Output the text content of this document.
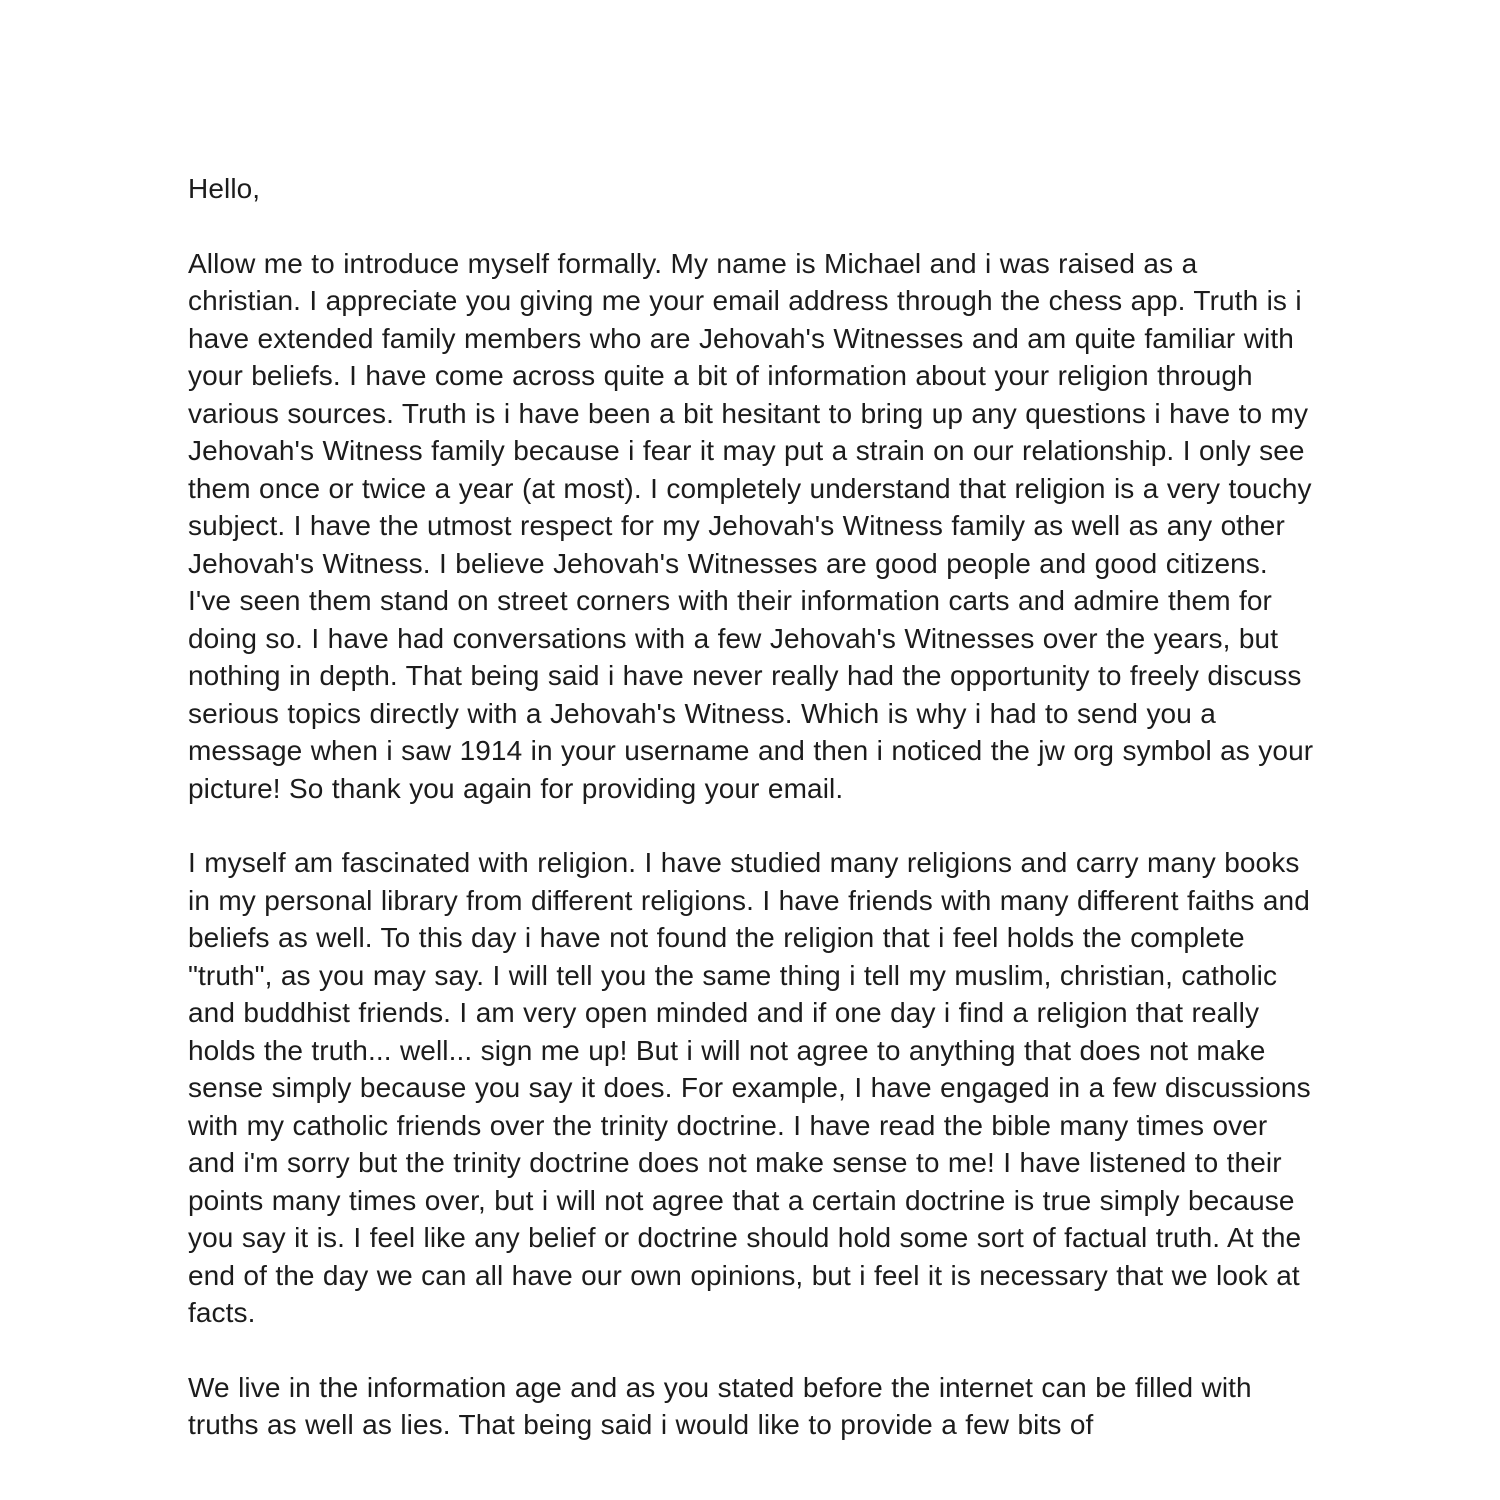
Hello,

Allow me to introduce myself formally. My name is Michael and i was raised as a christian. I appreciate you giving me your email address through the chess app. Truth is i have extended family members who are Jehovah's Witnesses and am quite familiar with your beliefs. I have come across quite a bit of information about your religion through various sources. Truth is i have been a bit hesitant to bring up any questions i have to my Jehovah's Witness family because i fear it may put a strain on our relationship. I only see them once or twice a year (at most). I completely understand that religion is a very touchy subject. I have the utmost respect for my Jehovah's Witness family as well as any other Jehovah's Witness. I believe Jehovah's Witnesses are good people and good citizens. I've seen them stand on street corners with their information carts and admire them for doing so. I have had conversations with a few Jehovah's Witnesses over the years, but nothing in depth. That being said i have never really had the opportunity to freely discuss serious topics directly with a Jehovah's Witness. Which is why i had to send you a message when i saw 1914 in your username and then i noticed the jw org symbol as your picture! So thank you again for providing your email.

I myself am fascinated with religion. I have studied many religions and carry many books in my personal library from different religions. I have friends with many different faiths and beliefs as well. To this day i have not found the religion that i feel holds the complete "truth", as you may say. I will tell you the same thing i tell my muslim, christian, catholic and buddhist friends. I am very open minded and if one day i find a religion that really holds the truth... well... sign me up! But i will not agree to anything that does not make sense simply because you say it does. For example, I have engaged in a few discussions with my catholic friends over the trinity doctrine. I have read the bible many times over and i'm sorry but the trinity doctrine does not make sense to me! I have listened to their points many times over, but i will not agree that a certain doctrine is true simply because you say it is. I feel like any belief or doctrine should hold some sort of factual truth. At the end of the day we can all have our own opinions, but i feel it is necessary that we look at facts.

We live in the information age and as you stated before the internet can be filled with truths as well as lies. That being said i would like to provide a few bits of
